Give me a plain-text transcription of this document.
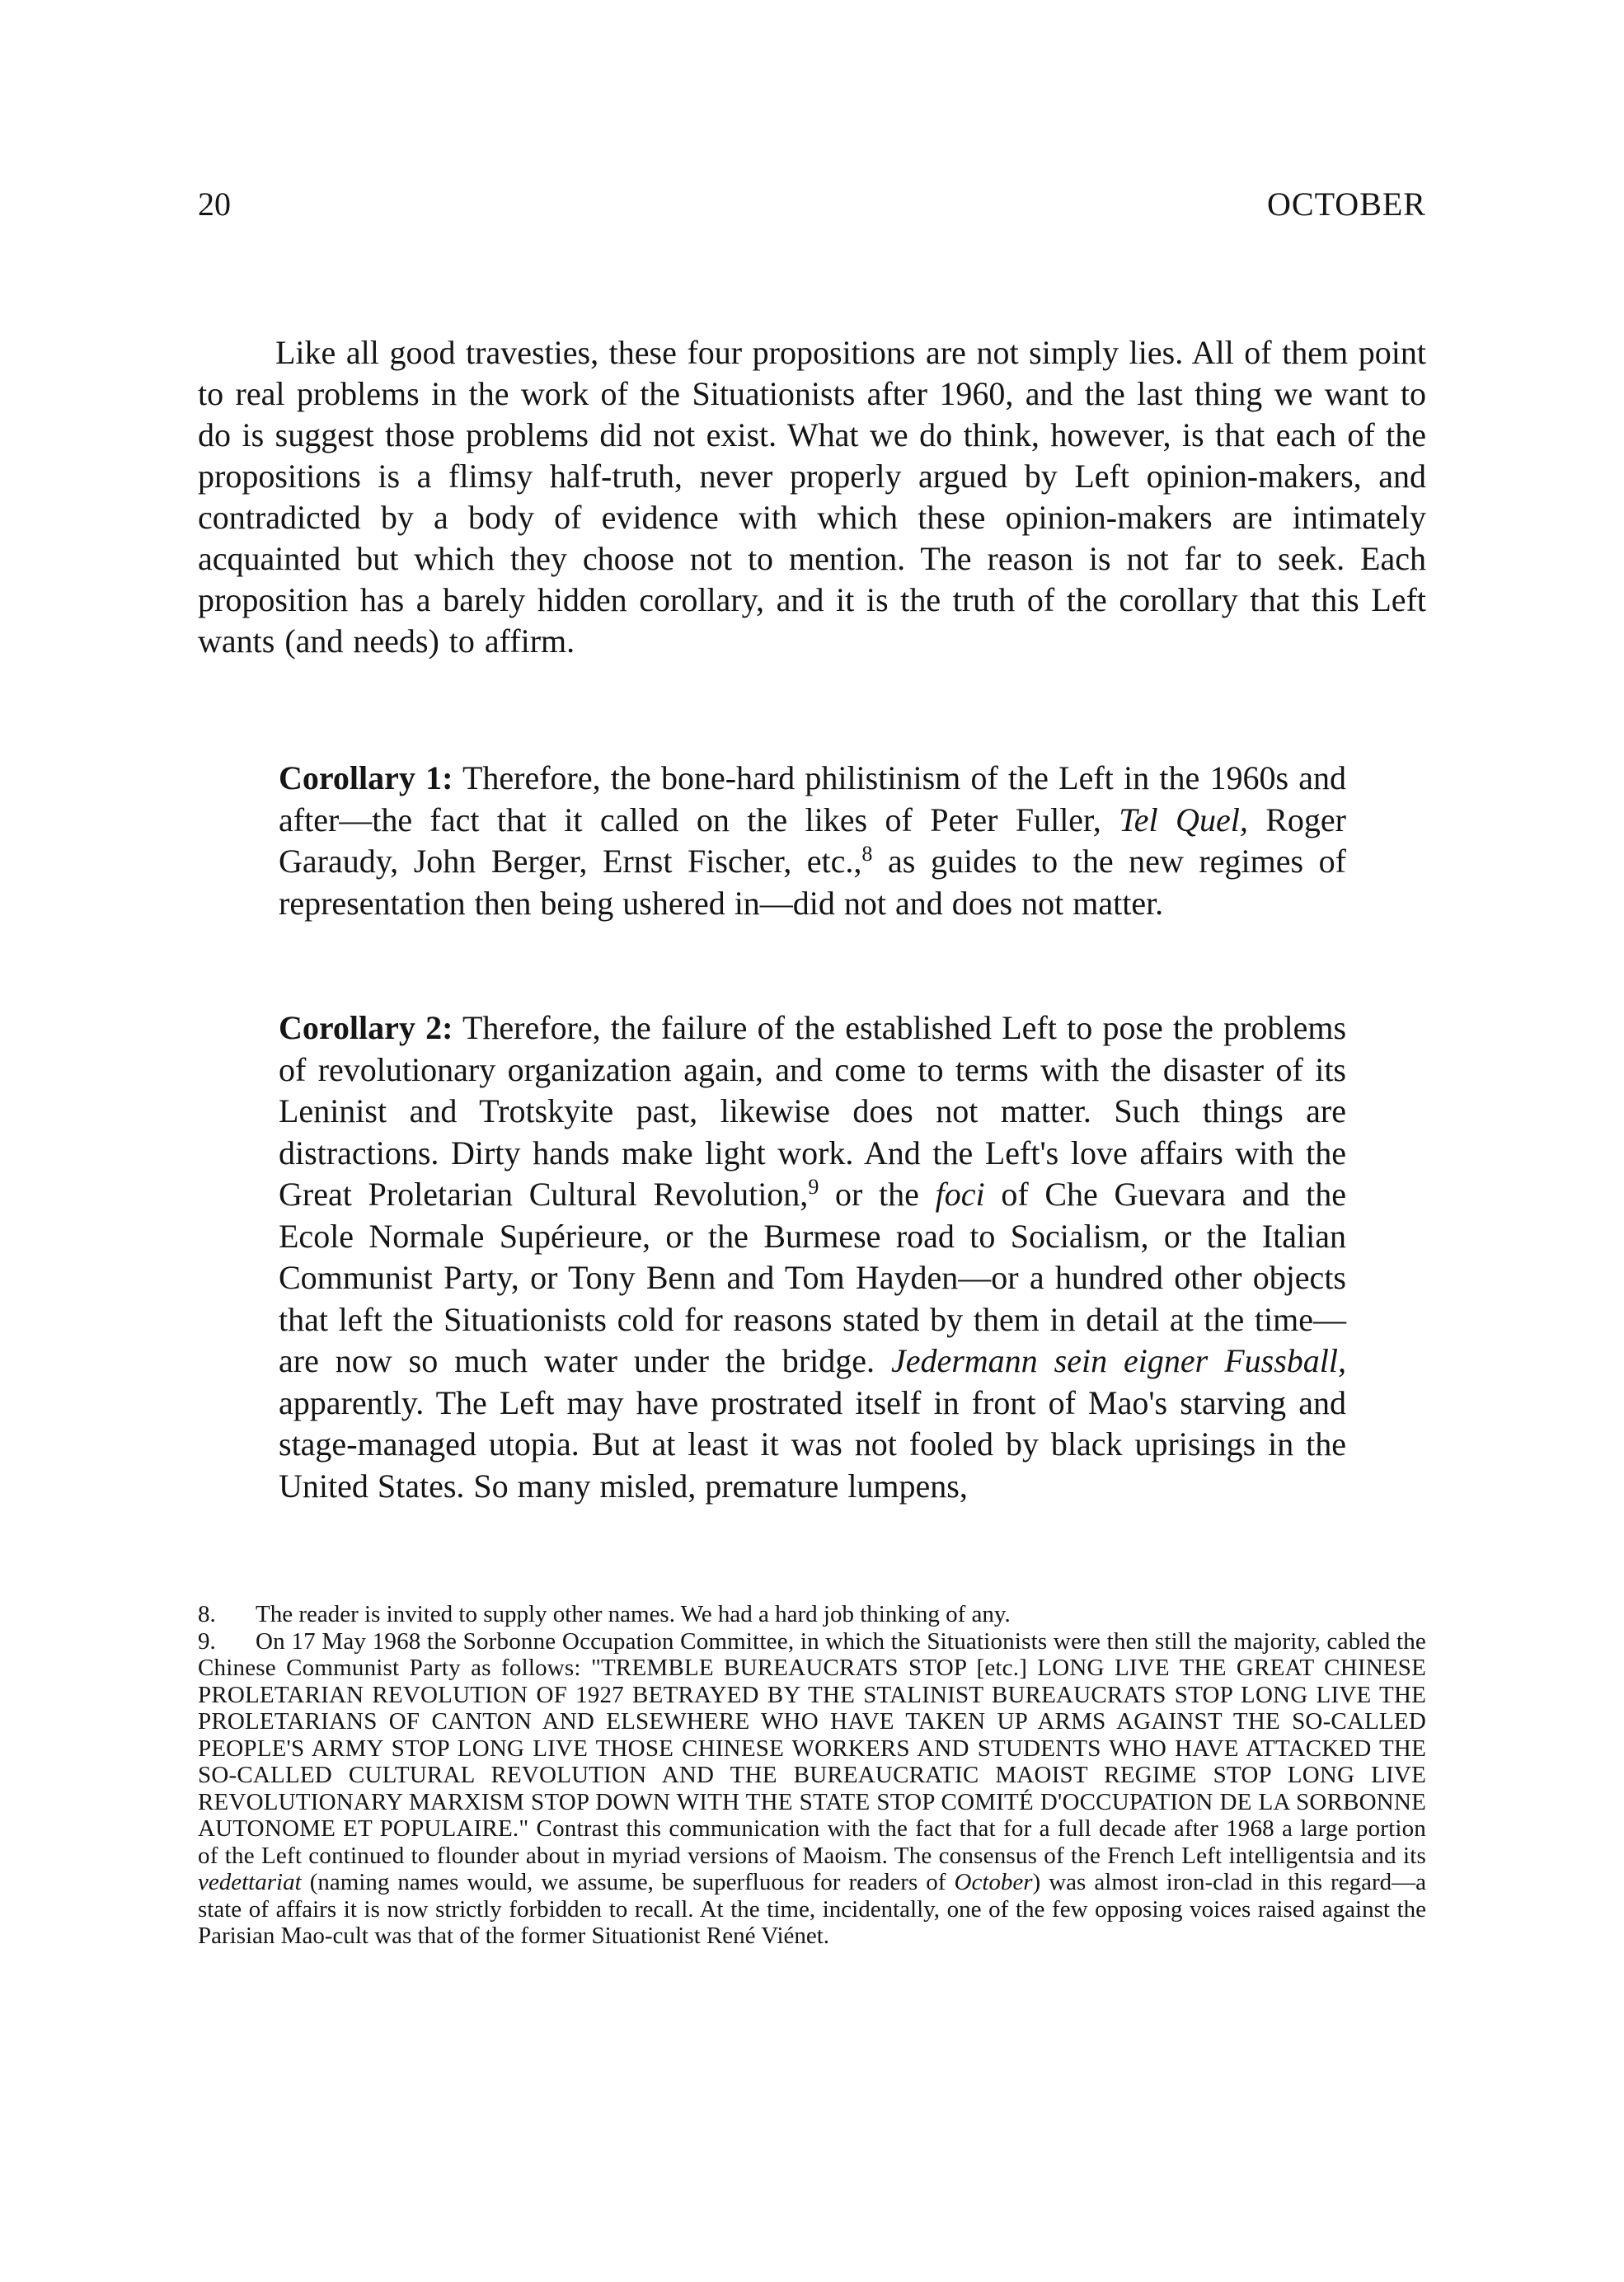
20	OCTOBER

Like all good travesties, these four propositions are not simply lies. All of them point to real problems in the work of the Situationists after 1960, and the last thing we want to do is suggest those problems did not exist. What we do think, however, is that each of the propositions is a flimsy half-truth, never properly argued by Left opinion-makers, and contradicted by a body of evidence with which these opinion-makers are intimately acquainted but which they choose not to mention. The reason is not far to seek. Each proposition has a barely hidden corollary, and it is the truth of the corollary that this Left wants (and needs) to affirm.

Corollary 1: Therefore, the bone-hard philistinism of the Left in the 1960s and after—the fact that it called on the likes of Peter Fuller, Tel Quel, Roger Garaudy, John Berger, Ernst Fischer, etc.,$^8$ as guides to the new regimes of representation then being ushered in—did not and does not matter.

Corollary 2: Therefore, the failure of the established Left to pose the problems of revolutionary organization again, and come to terms with the disaster of its Leninist and Trotskyite past, likewise does not matter. Such things are distractions. Dirty hands make light work. And the Left's love affairs with the Great Proletarian Cultural Revolution,$^9$ or the foci of Che Guevara and the Ecole Normale Supérieure, or the Burmese road to Socialism, or the Italian Communist Party, or Tony Benn and Tom Hayden—or a hundred other objects that left the Situationists cold for reasons stated by them in detail at the time—are now so much water under the bridge. Jedermann sein eigner Fussball, apparently. The Left may have prostrated itself in front of Mao's starving and stage-managed utopia. But at least it was not fooled by black uprisings in the United States. So many misled, premature lumpens,

8. The reader is invited to supply other names. We had a hard job thinking of any.

9. On 17 May 1968 the Sorbonne Occupation Committee, in which the Situationists were then still the majority, cabled the Chinese Communist Party as follows: "TREMBLE BUREAUCRATS STOP [etc.] LONG LIVE THE GREAT CHINESE PROLETARIAN REVOLUTION OF 1927 BETRAYED BY THE STALINIST BUREAUCRATS STOP LONG LIVE THE PROLETARIANS OF CANTON AND ELSEWHERE WHO HAVE TAKEN UP ARMS AGAINST THE SO-CALLED PEOPLE'S ARMY STOP LONG LIVE THOSE CHINESE WORKERS AND STUDENTS WHO HAVE ATTACKED THE SO-CALLED CULTURAL REVOLUTION AND THE BUREAUCRATIC MAOIST REGIME STOP LONG LIVE REVOLUTIONARY MARXISM STOP DOWN WITH THE STATE STOP COMITÉ D'OCCUPATION DE LA SORBONNE AUTONOME ET POPULAIRE." Contrast this communication with the fact that for a full decade after 1968 a large portion of the Left continued to flounder about in myriad versions of Maoism. The consensus of the French Left intelligentsia and its vedettariat (naming names would, we assume, be superfluous for readers of October) was almost iron-clad in this regard—a state of affairs it is now strictly forbidden to recall. At the time, incidentally, one of the few opposing voices raised against the Parisian Mao-cult was that of the former Situationist René Viénet.
